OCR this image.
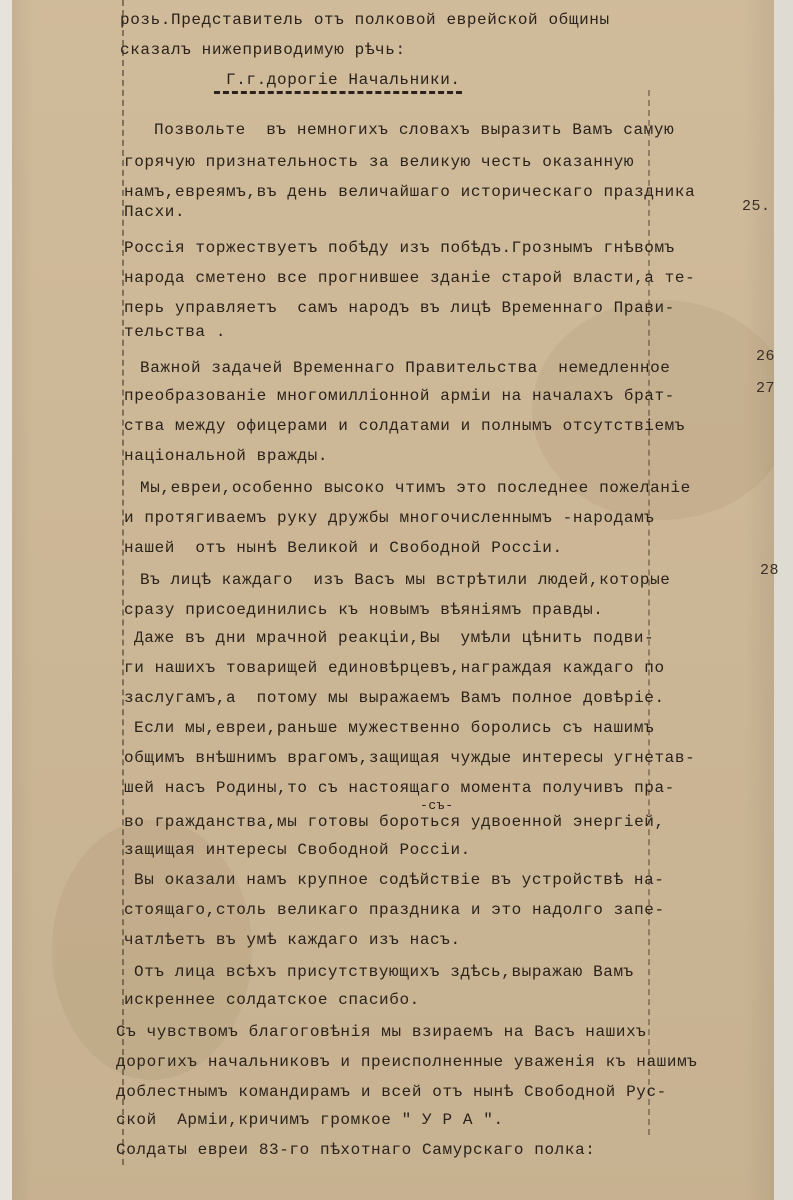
розь.Представитель отъ полковой еврейской общины
сказалъ нижеприводимую рѣчь:
Г.г.дорогiе Начальники.
Позвольте  въ немногихъ словахъ выразить Вамъ самую
горячую признательность за великую честь оказанную
намъ,евреямъ,въ день величайшаго историческаго праздника
Пасхи.
Россiя торжествуетъ побѣду изъ побѣдъ.Грознымъ гнѣвомъ
народа сметено все прогнившее зданiе старой власти,а те-
перь управляетъ  самъ народъ въ лицѣ Временнаго Прави-
тельства .
Важной задачей Временнаго Правительства  немедленное
преобразованiе многомиллiонной армiи на началахъ брат-
ства между офицерами и солдатами и полнымъ отсутствiемъ
нацiональной вражды.
Мы,евреи,особенно высоко чтимъ это последнее пожеланiе
и протягиваемъ руку дружбы многочисленнымъ -народамъ
нашей  отъ нынѣ Великой и Свободной Россiи.
Въ лицѣ каждаго  изъ Васъ мы встрѣтили людей,которые
сразу присоединились къ новымъ вѣянiямъ правды.
Даже въ дни мрачной реакцiи,Вы  умѣли цѣнить подви-
ги нашихъ товарищей единовѣрцевъ,награждая каждаго по
заслугамъ,а  потому мы выражаемъ Вамъ полное довѣрiе.
Если мы,евреи,раньше мужественно боролись съ нашимъ
общимъ внѣшнимъ врагомъ,защищая чуждые интересы угнетав-
шей насъ Родины,то съ настоящаго момента получивъ пра-
-съ-
во гражданства,мы готовы бороться удвоенной энергiей,
защищая интересы Свободной Россiи.
Вы оказали намъ крупное содѣйствiе въ устройствѣ на-
стоящаго,столь великаго праздника и это надолго запе-
чатлѣетъ въ умѣ каждаго изъ насъ.
Отъ лица всѣхъ присутствующихъ здѣсь,выражаю Вамъ
искреннее солдатское спасибо.
Съ чувствомъ благоговѣнiя мы взираемъ на Васъ нашихъ
дорогихъ начальниковъ и преисполненные уваженiя къ нашимъ
доблестнымъ командирамъ и всей отъ нынѣ Свободной Рус-
ской  Армiи,кричимъ громкое " У Р А ".
Солдаты евреи 83-го пѣхотнаго Самурскаго полка:
25.
26
27
28
